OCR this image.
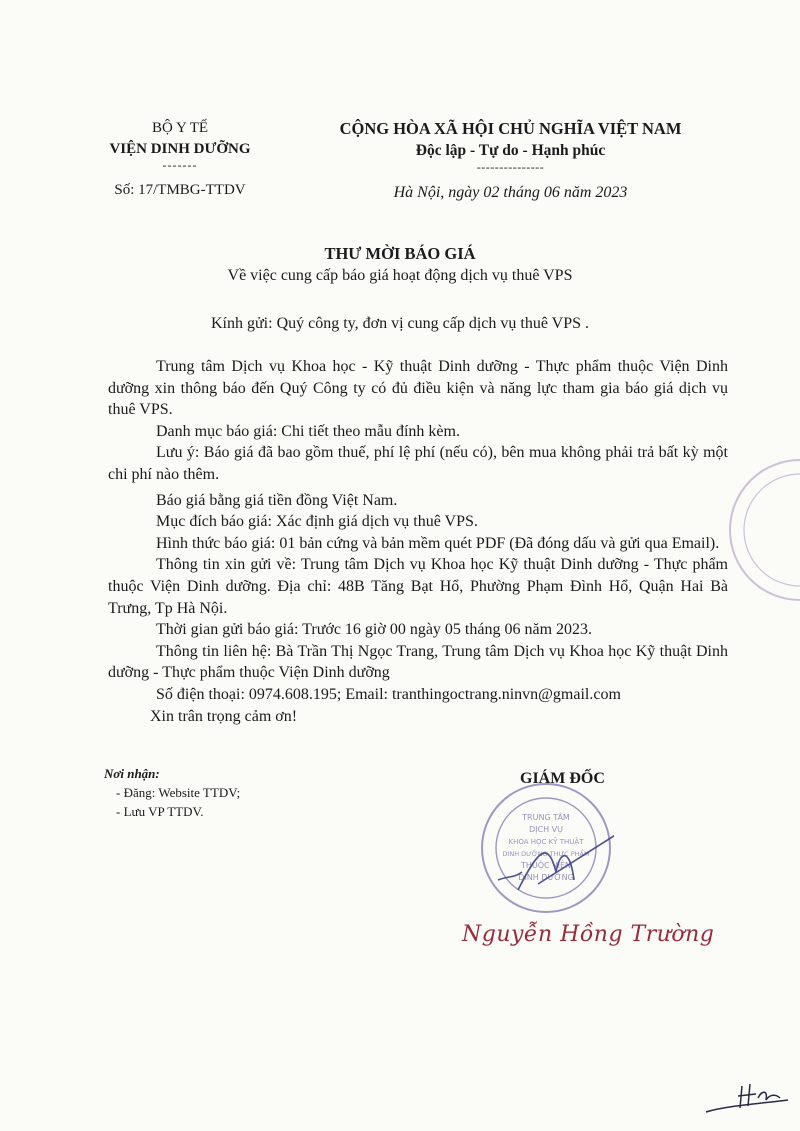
BỘ Y TẾ
VIỆN DINH DƯỠNG
-------
Số: 17/TMBG-TTDV
CỘNG HÒA XÃ HỘI CHỦ NGHĨA VIỆT NAM
Độc lập - Tự do - Hạnh phúc
---------------
Hà Nội, ngày 02 tháng 06 năm 2023
THƯ MỜI BÁO GIÁ
Về việc cung cấp báo giá hoạt động dịch vụ thuê VPS
Kính gửi: Quý công ty, đơn vị cung cấp dịch vụ thuê VPS .

Trung tâm Dịch vụ Khoa học - Kỹ thuật Dinh dưỡng - Thực phẩm thuộc Viện Dinh dưỡng xin thông báo đến Quý Công ty có đủ điều kiện và năng lực tham gia báo giá dịch vụ thuê VPS.

Danh mục báo giá: Chi tiết theo mẫu đính kèm.

Lưu ý: Báo giá đã bao gồm thuế, phí lệ phí (nếu có), bên mua không phải trả bất kỳ một chi phí nào thêm.

Báo giá bằng giá tiền đồng Việt Nam.

Mục đích báo giá: Xác định giá dịch vụ thuê VPS.

Hình thức báo giá: 01 bản cứng và bản mềm quét PDF (Đã đóng dấu và gửi qua Email).

Thông tin xin gửi về: Trung tâm Dịch vụ Khoa học Kỹ thuật Dinh dưỡng - Thực phẩm thuộc Viện Dinh dưỡng. Địa chỉ: 48B Tăng Bạt Hổ, Phường Phạm Đình Hổ, Quận Hai Bà Trưng, Tp Hà Nội.

Thời gian gửi báo giá: Trước 16 giờ 00 ngày 05 tháng 06 năm 2023.

Thông tin liên hệ: Bà Trần Thị Ngọc Trang, Trung tâm Dịch vụ Khoa học Kỹ thuật Dinh dưỡng - Thực phẩm thuộc Viện Dinh dưỡng

Số điện thoại: 0974.608.195; Email: tranthingoctrang.ninvn@gmail.com

Xin trân trọng cảm ơn!

Nơi nhận:
- Đăng: Website TTDV;
- Lưu VP TTDV.	TRUNG TÂM
DỊCH VỤ
KHOA HỌC KỸ THUẬT
DINH DƯỠNG THỰC PHẨM
THUỘC VIỆN
DINH DƯỠNG
GIÁM ĐỐC
Nguyễn Hồng Trường
